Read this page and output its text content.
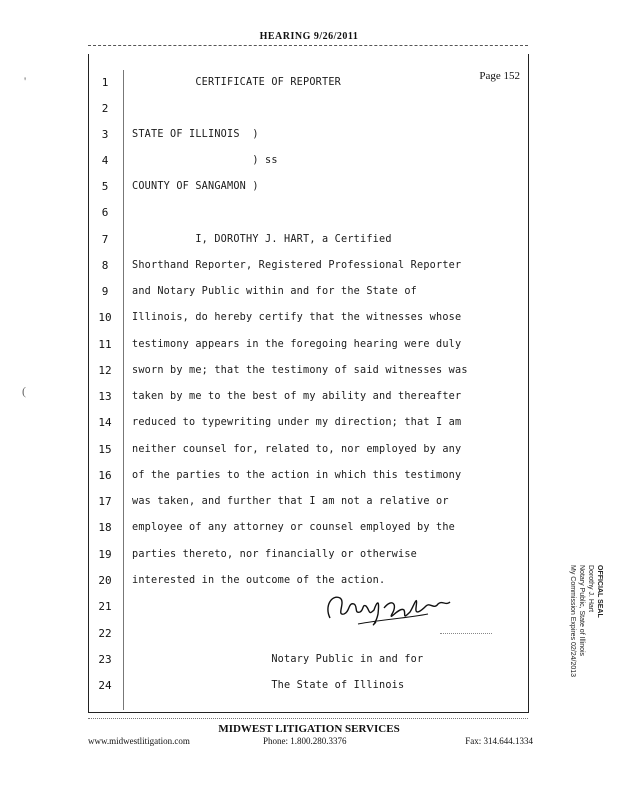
HEARING 9/26/2011
Page 152
1	CERTIFICATE OF REPORTER
2
3	STATE OF ILLINOIS  )
4	) ss
5	COUNTY OF SANGAMON )
6
7	I, DOROTHY J. HART, a Certified
8	Shorthand Reporter, Registered Professional Reporter
9	and Notary Public within and for the State of
10	Illinois, do hereby certify that the witnesses whose
11	testimony appears in the foregoing hearing were duly
12	sworn by me; that the testimony of said witnesses was
13	taken by me to the best of my ability and thereafter
14	reduced to typewriting under my direction; that I am
15	neither counsel for, related to, nor employed by any
16	of the parties to the action in which this testimony
17	was taken, and further that I am not a relative or
18	employee of any attorney or counsel employed by the
19	parties thereto, nor financially or otherwise
20	interested in the outcome of the action.
21
22
23	Notary Public in and for
24	The State of Illinois
OFFICIAL SEAL
Dorothy J. Hart
Notary Public, State of Illinois
My Commission Expires 02/24/2013
MIDWEST LITIGATION SERVICES
www.midwestlitigation.com	Phone: 1.800.280.3376	Fax: 314.644.1334
'
(
